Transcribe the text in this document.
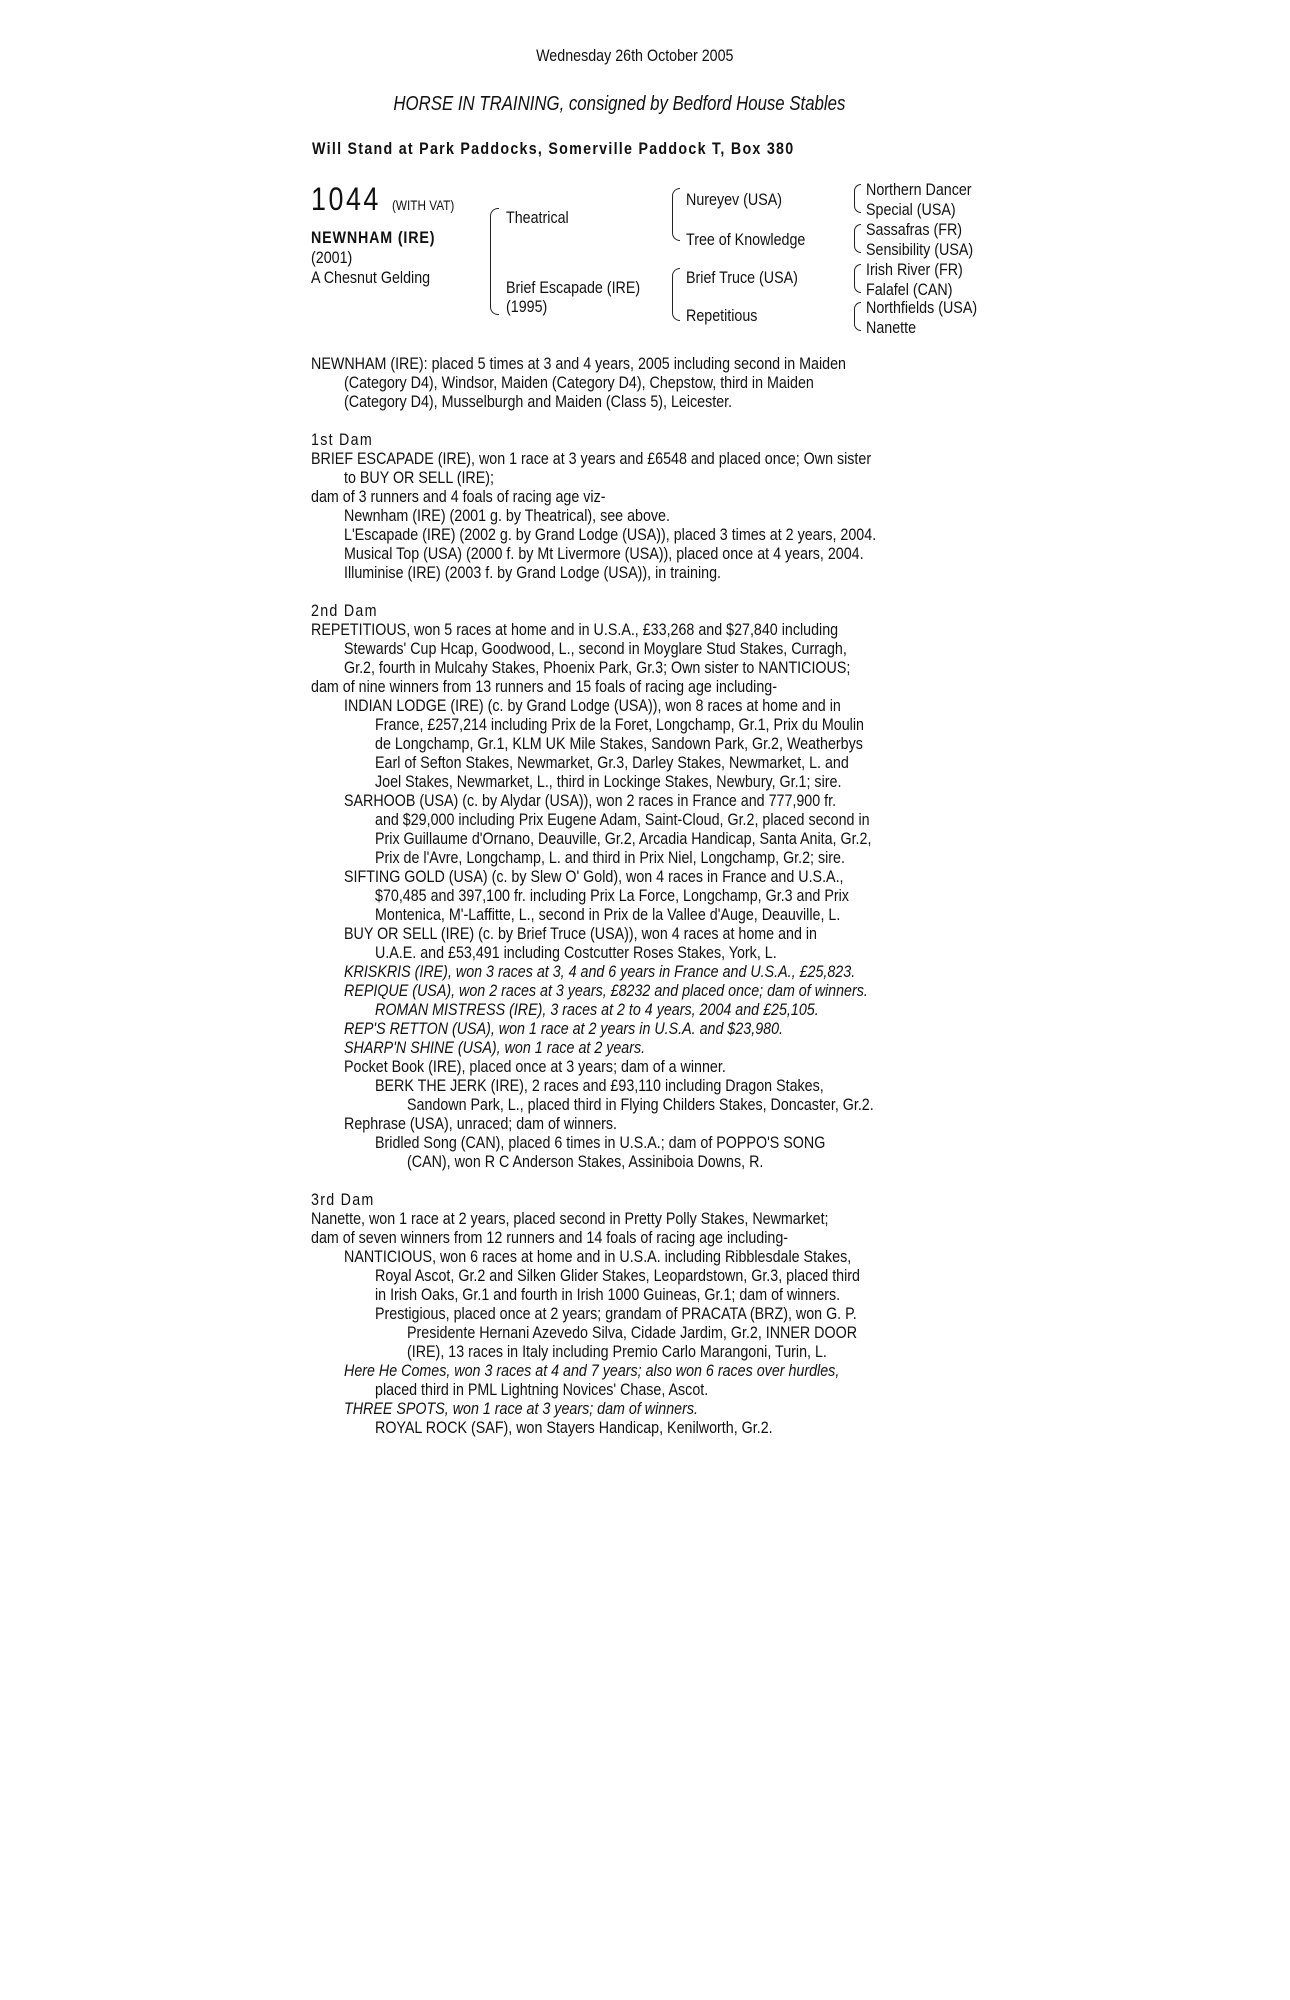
Wednesday 26th October 2005
HORSE IN TRAINING, consigned by Bedford House Stables
Will Stand at Park Paddocks, Somerville Paddock T, Box 380
1044 (WITH VAT)
NEWNHAM (IRE)
(2001)
A Chesnut Gelding
Theatrical
Brief Escapade (IRE)
(1995)
Nureyev (USA)
Tree of Knowledge
Brief Truce (USA)
Repetitious
Northern Dancer
Special (USA)
Sassafras (FR)
Sensibility (USA)
Irish River (FR)
Falafel (CAN)
Northfields (USA)
Nanette
NEWNHAM (IRE): placed 5 times at 3 and 4 years, 2005 including second in Maiden
(Category D4), Windsor, Maiden (Category D4), Chepstow, third in Maiden
(Category D4), Musselburgh and Maiden (Class 5), Leicester.
1st Dam
BRIEF ESCAPADE (IRE), won 1 race at 3 years and £6548 and placed once; Own sister
to BUY OR SELL (IRE);
dam of 3 runners and 4 foals of racing age viz-
Newnham (IRE) (2001 g. by Theatrical), see above.
L'Escapade (IRE) (2002 g. by Grand Lodge (USA)), placed 3 times at 2 years, 2004.
Musical Top (USA) (2000 f. by Mt Livermore (USA)), placed once at 4 years, 2004.
Illuminise (IRE) (2003 f. by Grand Lodge (USA)), in training.
2nd Dam
REPETITIOUS, won 5 races at home and in U.S.A., £33,268 and $27,840 including
Stewards' Cup Hcap, Goodwood, L., second in Moyglare Stud Stakes, Curragh,
Gr.2, fourth in Mulcahy Stakes, Phoenix Park, Gr.3; Own sister to NANTICIOUS;
dam of nine winners from 13 runners and 15 foals of racing age including-
INDIAN LODGE (IRE) (c. by Grand Lodge (USA)), won 8 races at home and in
France, £257,214 including Prix de la Foret, Longchamp, Gr.1, Prix du Moulin
de Longchamp, Gr.1, KLM UK Mile Stakes, Sandown Park, Gr.2, Weatherbys
Earl of Sefton Stakes, Newmarket, Gr.3, Darley Stakes, Newmarket, L. and
Joel Stakes, Newmarket, L., third in Lockinge Stakes, Newbury, Gr.1; sire.
SARHOOB (USA) (c. by Alydar (USA)), won 2 races in France and 777,900 fr.
and $29,000 including Prix Eugene Adam, Saint-Cloud, Gr.2, placed second in
Prix Guillaume d'Ornano, Deauville, Gr.2, Arcadia Handicap, Santa Anita, Gr.2,
Prix de l'Avre, Longchamp, L. and third in Prix Niel, Longchamp, Gr.2; sire.
SIFTING GOLD (USA) (c. by Slew O' Gold), won 4 races in France and U.S.A.,
$70,485 and 397,100 fr. including Prix La Force, Longchamp, Gr.3 and Prix
Montenica, M'-Laffitte, L., second in Prix de la Vallee d'Auge, Deauville, L.
BUY OR SELL (IRE) (c. by Brief Truce (USA)), won 4 races at home and in
U.A.E. and £53,491 including Costcutter Roses Stakes, York, L.
KRISKRIS (IRE), won 3 races at 3, 4 and 6 years in France and U.S.A., £25,823.
REPIQUE (USA), won 2 races at 3 years, £8232 and placed once; dam of winners.
ROMAN MISTRESS (IRE), 3 races at 2 to 4 years, 2004 and £25,105.
REP'S RETTON (USA), won 1 race at 2 years in U.S.A. and $23,980.
SHARP'N SHINE (USA), won 1 race at 2 years.
Pocket Book (IRE), placed once at 3 years; dam of a winner.
BERK THE JERK (IRE), 2 races and £93,110 including Dragon Stakes,
Sandown Park, L., placed third in Flying Childers Stakes, Doncaster, Gr.2.
Rephrase (USA), unraced; dam of winners.
Bridled Song (CAN), placed 6 times in U.S.A.; dam of POPPO'S SONG
(CAN), won R C Anderson Stakes, Assiniboia Downs, R.
3rd Dam
Nanette, won 1 race at 2 years, placed second in Pretty Polly Stakes, Newmarket;
dam of seven winners from 12 runners and 14 foals of racing age including-
NANTICIOUS, won 6 races at home and in U.S.A. including Ribblesdale Stakes,
Royal Ascot, Gr.2 and Silken Glider Stakes, Leopardstown, Gr.3, placed third
in Irish Oaks, Gr.1 and fourth in Irish 1000 Guineas, Gr.1; dam of winners.
Prestigious, placed once at 2 years; grandam of PRACATA (BRZ), won G. P.
Presidente Hernani Azevedo Silva, Cidade Jardim, Gr.2, INNER DOOR
(IRE), 13 races in Italy including Premio Carlo Marangoni, Turin, L.
Here He Comes, won 3 races at 4 and 7 years; also won 6 races over hurdles,
placed third in PML Lightning Novices' Chase, Ascot.
THREE SPOTS, won 1 race at 3 years; dam of winners.
ROYAL ROCK (SAF), won Stayers Handicap, Kenilworth, Gr.2.
